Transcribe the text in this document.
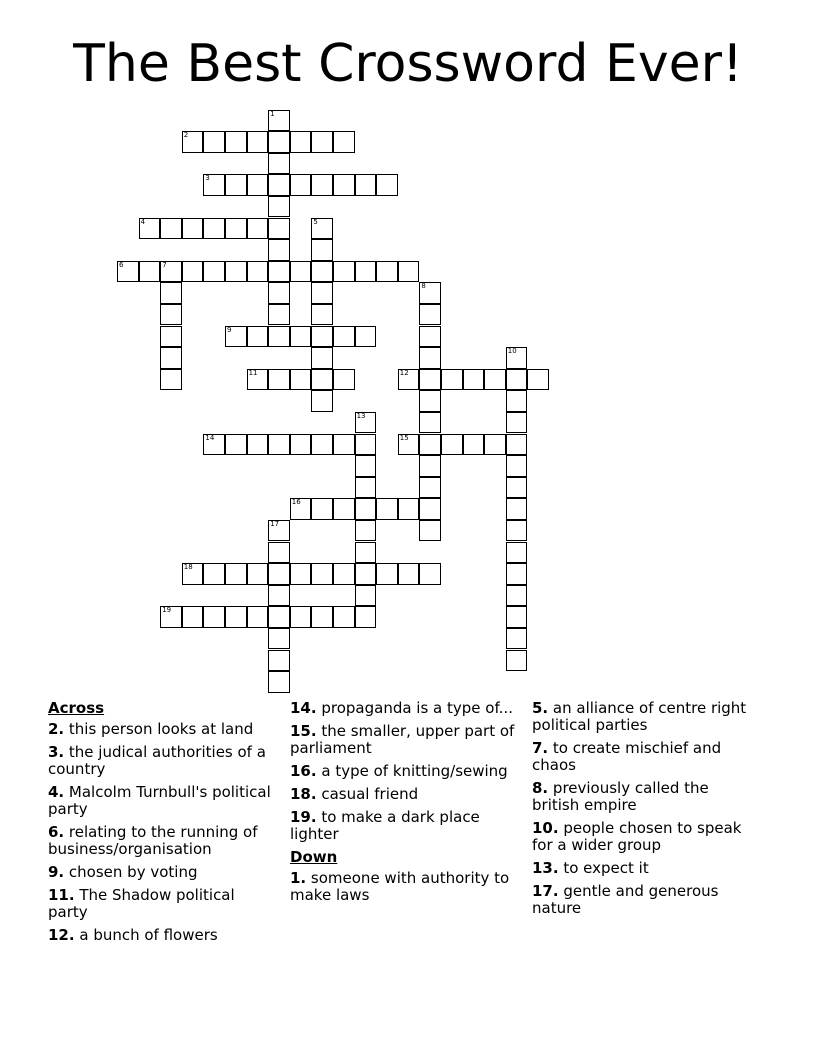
The Best Crossword Ever!
1
2
3
4	5
6	7
8
9
10
11	12
13
14	15
16
17
18
19
Across
2. this person looks at land
3. the judical authorities of a country
4. Malcolm Turnbull's political party
6. relating to the running of business/organisation
9. chosen by voting
11. The Shadow political party
12. a bunch of flowers
14. propaganda is a type of...
15. the smaller, upper part of parliament
16. a type of knitting/sewing
18. casual friend
19. to make a dark place lighter
Down
1. someone with authority to make laws
5. an alliance of centre right political parties
7. to create mischief and chaos
8. previously called the british empire
10. people chosen to speak for a wider group
13. to expect it
17. gentle and generous nature
